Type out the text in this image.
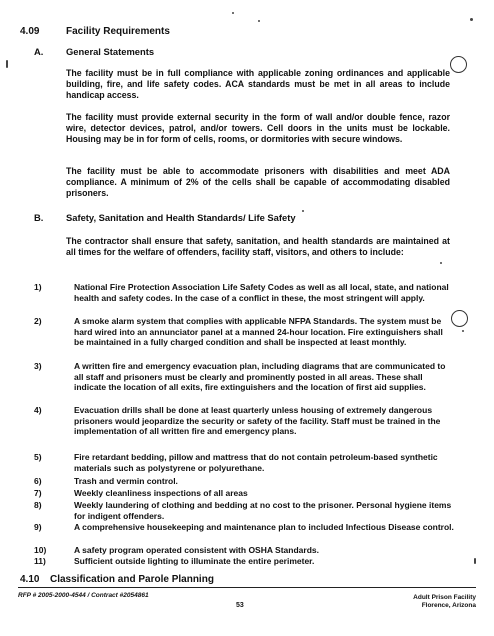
4.09	Facility Requirements
A. General Statements
The facility must be in full compliance with applicable zoning ordinances and applicable building, fire, and life safety codes. ACA standards must be met in all areas to include handicap access.
The facility must provide external security in the form of wall and/or double fence, razor wire, detector devices, patrol, and/or towers. Cell doors in the units must be lockable. Housing may be in for form of cells, rooms, or dormitories with secure windows.
The facility must be able to accommodate prisoners with disabilities and meet ADA compliance. A minimum of 2% of the cells shall be capable of accommodating disabled prisoners.
B. Safety, Sanitation and Health Standards/ Life Safety
The contractor shall ensure that safety, sanitation, and health standards are maintained at all times for the welfare of offenders, facility staff, visitors, and others to include:
1)	National Fire Protection Association Life Safety Codes as well as all local, state, and national health and safety codes. In the case of a conflict in these, the most stringent will apply.
2)	A smoke alarm system that complies with applicable NFPA Standards. The system must be hard wired into an annunciator panel at a manned 24-hour location. Fire extinguishers shall be maintained in a fully charged condition and shall be inspected at least monthly.
3)	A written fire and emergency evacuation plan, including diagrams that are communicated to all staff and prisoners must be clearly and prominently posted in all areas. These shall indicate the location of all exits, fire extinguishers and the location of first aid supplies.
4)	Evacuation drills shall be done at least quarterly unless housing of extremely dangerous prisoners would jeopardize the security or safety of the facility. Staff must be trained in the implementation of all written fire and emergency plans.
5)	Fire retardant bedding, pillow and mattress that do not contain petroleum-based synthetic materials such as polystyrene or polyurethane.
6)	Trash and vermin control.
7)	Weekly cleanliness inspections of all areas
8)	Weekly laundering of clothing and bedding at no cost to the prisoner. Personal hygiene items for indigent offenders.
9)	A comprehensive housekeeping and maintenance plan to included Infectious Disease control.
10)	A safety program operated consistent with OSHA Standards.
11)	Sufficient outside lighting to illuminate the entire perimeter.
4.10 Classification and Parole Planning
RFP # 2005-2000-4544 / Contract #2054861
53
Adult Prison Facility
Florence, Arizona
